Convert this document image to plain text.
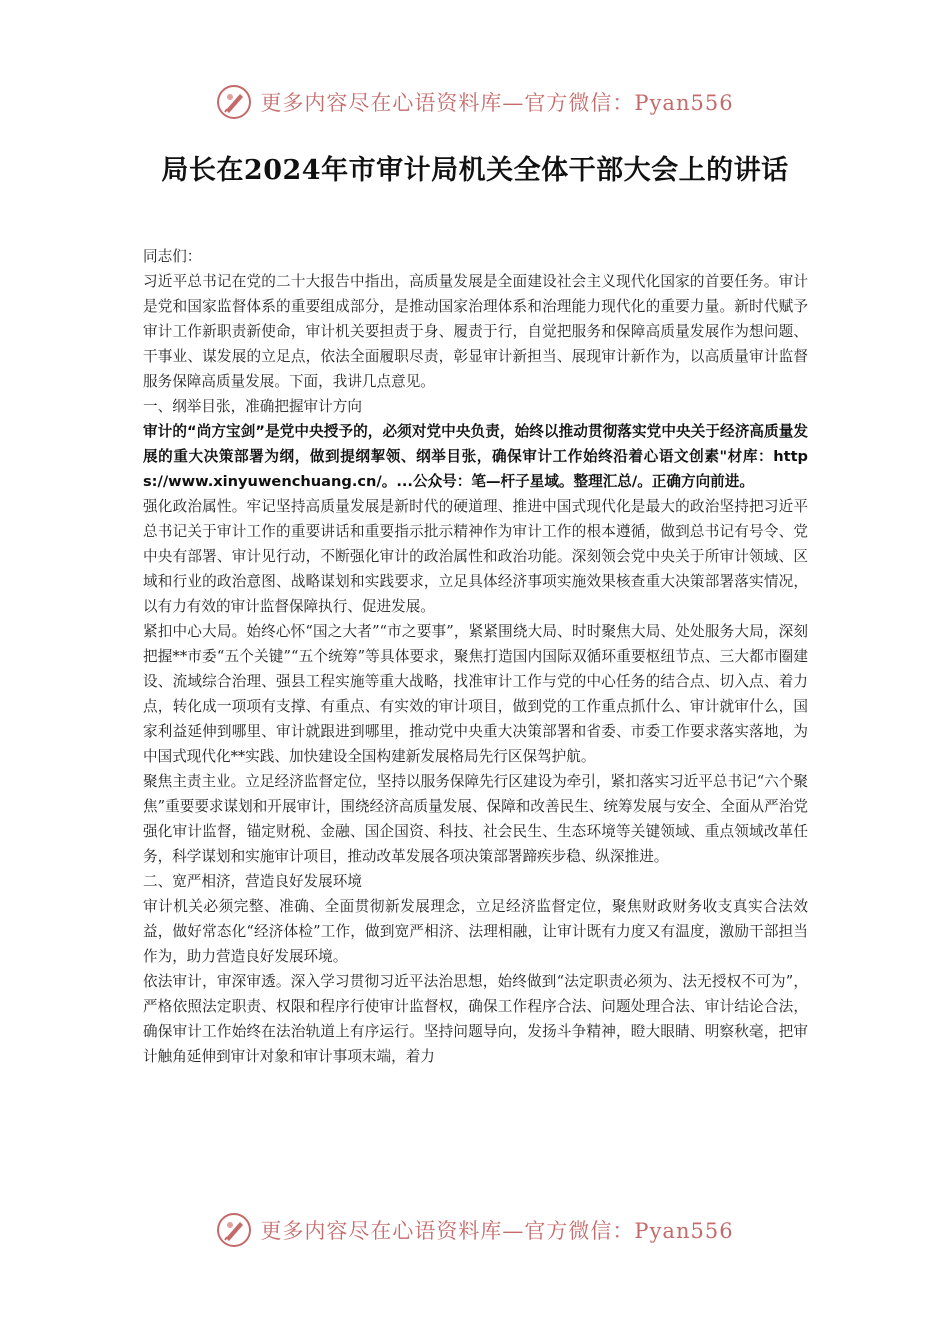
更多内容尽在心语资料库—官方微信：Pyan556
局长在2024年市审计局机关全体干部大会上的讲话

同志们：

习近平总书记在党的二十大报告中指出，高质量发展是全面建设社会主义现代化国家的首要任务。审计是党和国家监督体系的重要组成部分，是推动国家治理体系和治理能力现代化的重要力量。新时代赋予审计工作新职责新使命，审计机关要担责于身、履责于行，自觉把服务和保障高质量发展作为想问题、干事业、谋发展的立足点，依法全面履职尽责，彰显审计新担当、展现审计新作为，以高质量审计监督服务保障高质量发展。下面，我讲几点意见。

一、纲举目张，准确把握审计方向

审计的“尚方宝剑”是党中央授予的，必须对党中央负责，始终以推动贯彻落实党中央关于经济高质量发展的重大决策部署为纲，做到提纲挈领、纲举目张，确保审计工作始终沿着心语文创素"材库：https://www.xinyuwenchuang.cn/。...公众号：笔—杆子星域。整理汇总/。正确方向前进。

强化政治属性。牢记坚持高质量发展是新时代的硬道理、推进中国式现代化是最大的政治坚持把习近平总书记关于审计工作的重要讲话和重要指示批示精神作为审计工作的根本遵循，做到总书记有号令、党中央有部署、审计见行动，不断强化审计的政治属性和政治功能。深刻领会党中央关于所审计领域、区域和行业的政治意图、战略谋划和实践要求，立足具体经济事项实施效果核查重大决策部署落实情况，以有力有效的审计监督保障执行、促进发展。

紧扣中心大局。始终心怀“国之大者”“市之要事”，紧紧围绕大局、时时聚焦大局、处处服务大局，深刻把握**市委“五个关键”“五个统筹”等具体要求，聚焦打造国内国际双循环重要枢纽节点、三大都市圈建设、流域综合治理、强县工程实施等重大战略，找准审计工作与党的中心任务的结合点、切入点、着力点，转化成一项项有支撑、有重点、有实效的审计项目，做到党的工作重点抓什么、审计就审什么，国家利益延伸到哪里、审计就跟进到哪里，推动党中央重大决策部署和省委、市委工作要求落实落地，为中国式现代化**实践、加快建设全国构建新发展格局先行区保驾护航。

聚焦主责主业。立足经济监督定位，坚持以服务保障先行区建设为牵引，紧扣落实习近平总书记“六个聚焦”重要要求谋划和开展审计，围绕经济高质量发展、保障和改善民生、统筹发展与安全、全面从严治党强化审计监督，锚定财税、金融、国企国资、科技、社会民生、生态环境等关键领域、重点领域改革任务，科学谋划和实施审计项目，推动改革发展各项决策部署蹄疾步稳、纵深推进。

二、宽严相济，营造良好发展环境

审计机关必须完整、准确、全面贯彻新发展理念，立足经济监督定位，聚焦财政财务收支真实合法效益，做好常态化“经济体检”工作，做到宽严相济、法理相融，让审计既有力度又有温度，激励干部担当作为，助力营造良好发展环境。

依法审计，审深审透。深入学习贯彻习近平法治思想，始终做到“法定职责必须为、法无授权不可为”，严格依照法定职责、权限和程序行使审计监督权，确保工作程序合法、问题处理合法、审计结论合法，确保审计工作始终在法治轨道上有序运行。坚持问题导向，发扬斗争精神，瞪大眼睛、明察秋毫，把审计触角延伸到审计对象和审计事项末端，着力

更多内容尽在心语资料库—官方微信：Pyan556
